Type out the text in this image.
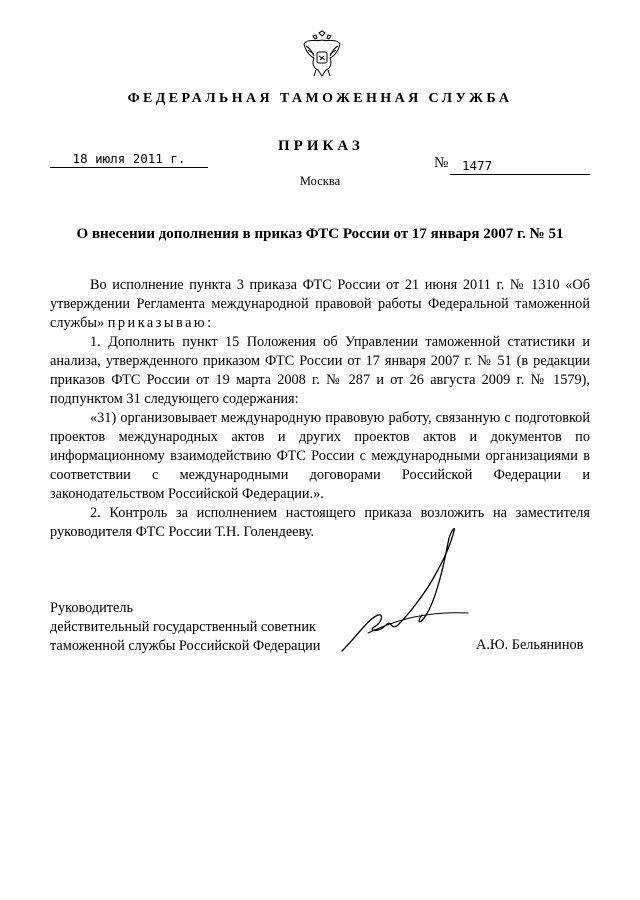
ФЕДЕРАЛЬНАЯ ТАМОЖЕННАЯ СЛУЖБА
ПРИКАЗ
18 июля 2011 г.	№	1477
Москва
О внесении дополнения в приказ ФТС России от 17 января 2007 г. № 51

Во исполнение пункта 3 приказа ФТС России от 21 июня 2011 г. № 1310 «Об утверждении Регламента международной правовой работы Федеральной таможенной службы» приказываю:

1. Дополнить пункт 15 Положения об Управлении таможенной статистики и анализа, утвержденного приказом ФТС России от 17 января 2007 г. № 51 (в редакции приказов ФТС России от 19 марта 2008 г. № 287 и от 26 августа 2009 г. № 1579), подпунктом 31 следующего содержания:

«31) организовывает международную правовую работу, связанную с подготовкой проектов международных актов и других проектов актов и документов по информационному взаимодействию ФТС России с международными организациями в соответствии с международными договорами Российской Федерации и законодательством Российской Федерации.».

2. Контроль за исполнением настоящего приказа возложить на заместителя руководителя ФТС России Т.Н. Голендееву.

Руководитель
действительный государственный советник
таможенной службы Российской Федерации	А.Ю. Бельянинов
